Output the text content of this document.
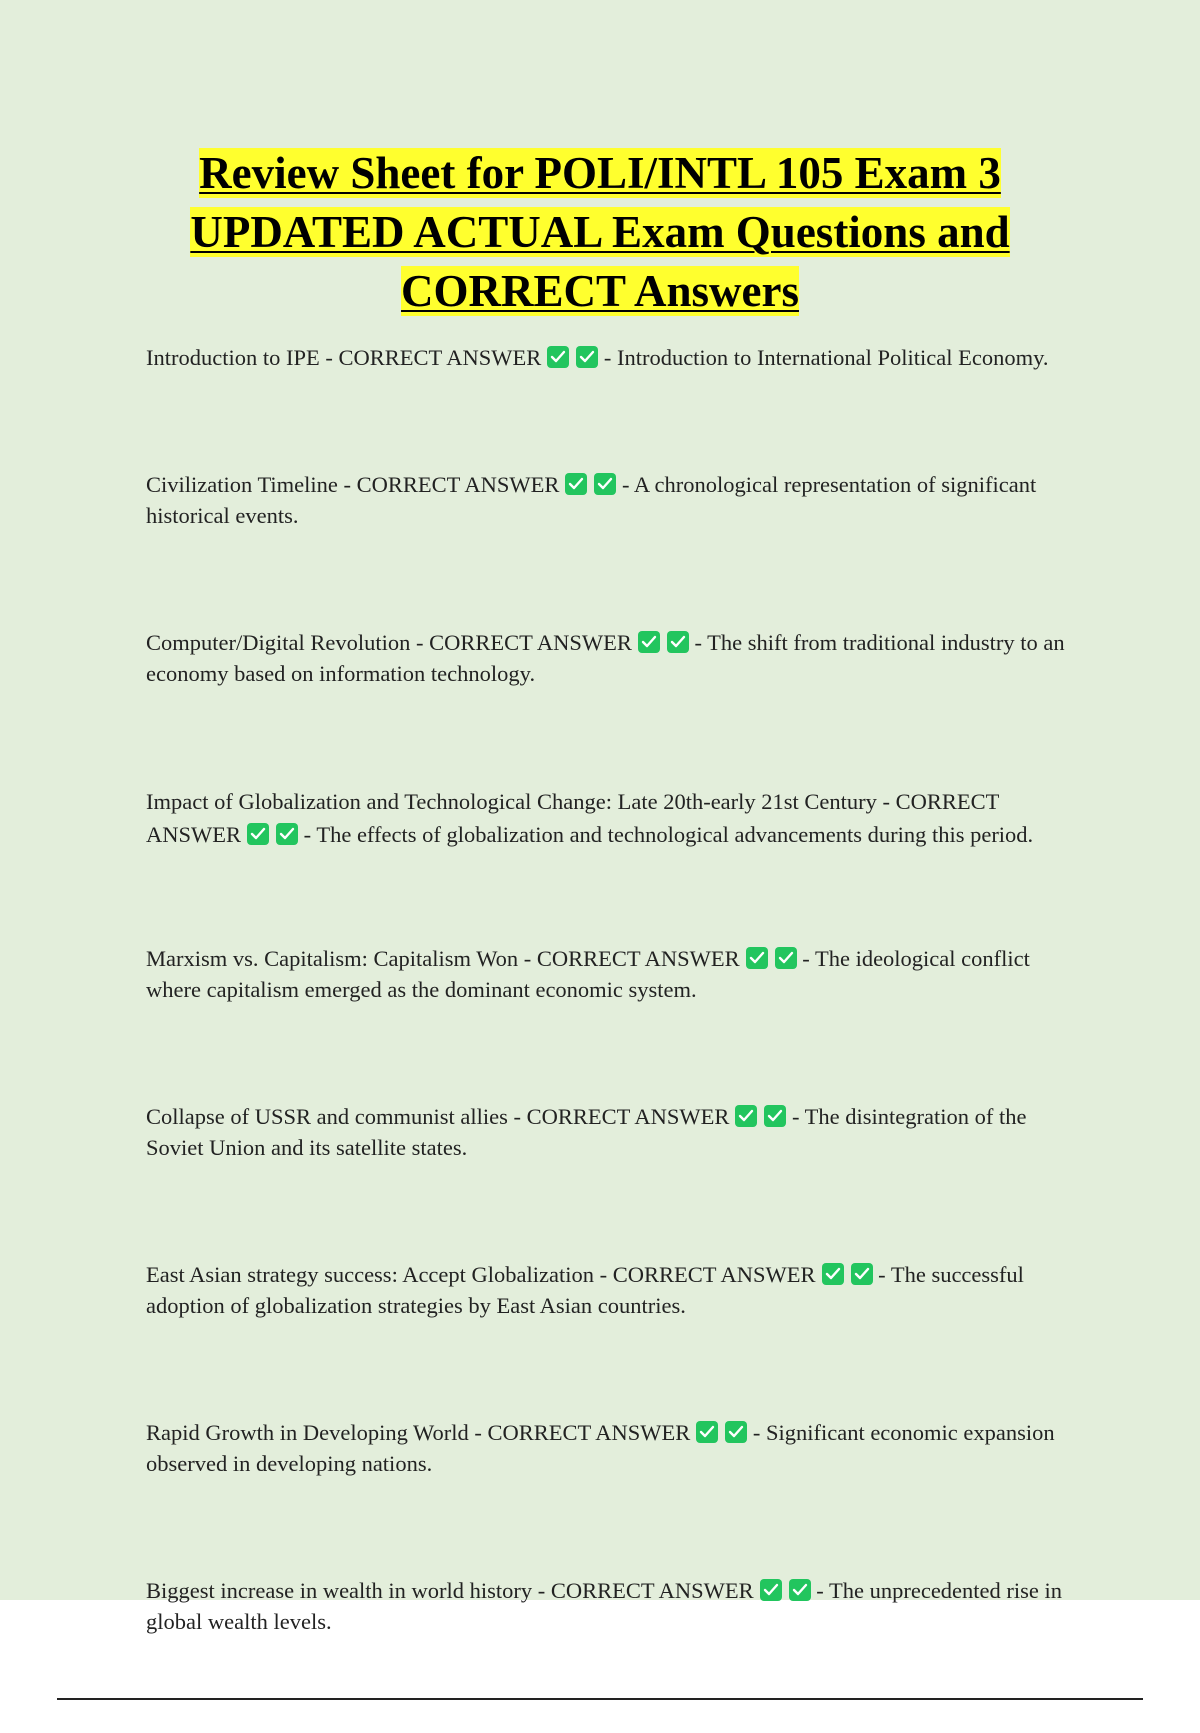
Review Sheet for POLI/INTL 105 Exam 3
UPDATED ACTUAL Exam Questions and
CORRECT Answers

Introduction to IPE - CORRECT ANSWER	- Introduction to International Political Economy.

Civilization Timeline - CORRECT ANSWER	- A chronological representation of significant historical events.

Computer/Digital Revolution - CORRECT ANSWER	- The shift from traditional industry to an economy based on information technology.

Impact of Globalization and Technological Change: Late 20th-early 21st Century - CORRECT ANSWER	- The effects of globalization and technological advancements during this period.

Marxism vs. Capitalism: Capitalism Won - CORRECT ANSWER	- The ideological conflict where capitalism emerged as the dominant economic system.

Collapse of USSR and communist allies - CORRECT ANSWER	- The disintegration of the Soviet Union and its satellite states.

East Asian strategy success: Accept Globalization - CORRECT ANSWER	- The successful adoption of globalization strategies by East Asian countries.

Rapid Growth in Developing World - CORRECT ANSWER	- Significant economic expansion observed in developing nations.

Biggest increase in wealth in world history - CORRECT ANSWER	- The unprecedented rise in global wealth levels.
